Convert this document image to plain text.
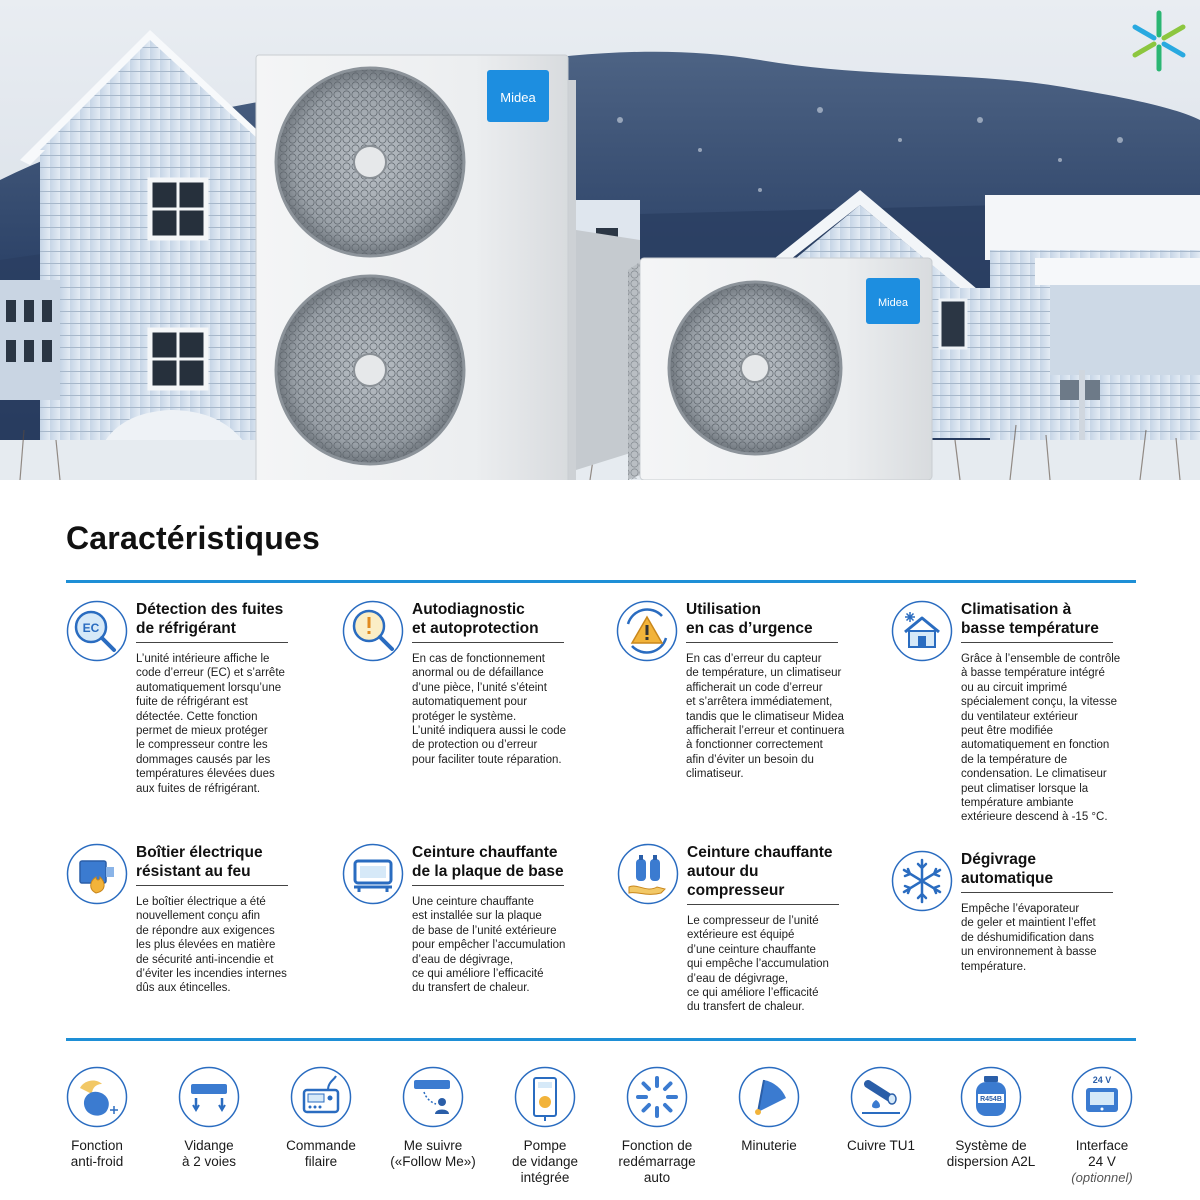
Midea
Midea
Caractéristiques
EC
Détection des fuites
de réfrigérant
L’unité intérieure affiche le
code d’erreur (EC) et s’arrête
automatiquement lorsqu’une
fuite de réfrigérant est
détectée. Cette fonction
permet de mieux protéger
le compresseur contre les
dommages causés par les
températures élevées dues
aux fuites de réfrigérant.
Autodiagnostic
et autoprotection
En cas de fonctionnement
anormal ou de défaillance
d’une pièce, l’unité s’éteint
automatiquement pour
protéger le système.
L’unité indiquera aussi le code
de protection ou d’erreur
pour faciliter toute réparation.
Utilisation
en cas d’urgence
En cas d’erreur du capteur
de température, un climatiseur
afficherait un code d’erreur
et s’arrêtera immédiatement,
tandis que le climatiseur Midea
afficherait l’erreur et continuera
à fonctionner correctement
afin d’éviter un besoin du
climatiseur.
Climatisation à
basse température
Grâce à l’ensemble de contrôle
à basse température intégré
ou au circuit imprimé
spécialement conçu, la vitesse
du ventilateur extérieur
peut être modifiée
automatiquement en fonction
de la température de
condensation. Le climatiseur
peut climatiser lorsque la
température ambiante
extérieure descend à -15 °C.
Boîtier électrique
résistant au feu
Le boîtier électrique a été
nouvellement conçu afin
de répondre aux exigences
les plus élevées en matière
de sécurité anti-incendie et
d’éviter les incendies internes
dûs aux étincelles.
Ceinture chauffante
de la plaque de base
Une ceinture chauffante
est installée sur la plaque
de base de l’unité extérieure
pour empêcher l’accumulation
d’eau de dégivrage,
ce qui améliore l’efficacité
du transfert de chaleur.
Ceinture chauffante
autour du
compresseur
Le compresseur de l’unité
extérieure est équipé
d’une ceinture chauffante
qui empêche l’accumulation
d’eau de dégivrage,
ce qui améliore l’efficacité
du transfert de chaleur.
Dégivrage
automatique
Empêche l’évaporateur
de geler et maintient l’effet
de déshumidification dans
un environnement à basse
température.
Fonction
anti-froid
Vidange
à 2 voies
Commande
filaire
Me suivre
(«Follow Me»)
Pompe
de vidange
intégrée
Fonction de
redémarrage
auto
Minuterie	Cuivre TU1
R454B
Système de
dispersion A2L
24 V
Interface
24 V
(optionnel)
